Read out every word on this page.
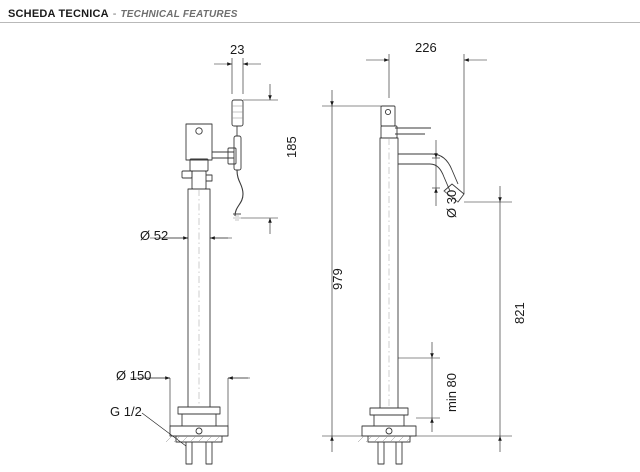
SCHEDA TECNICA - TECHNICAL FEATURES
23
185
Ø 52
Ø 150
G 1/2
226
Ø 30
979
821
min 80
